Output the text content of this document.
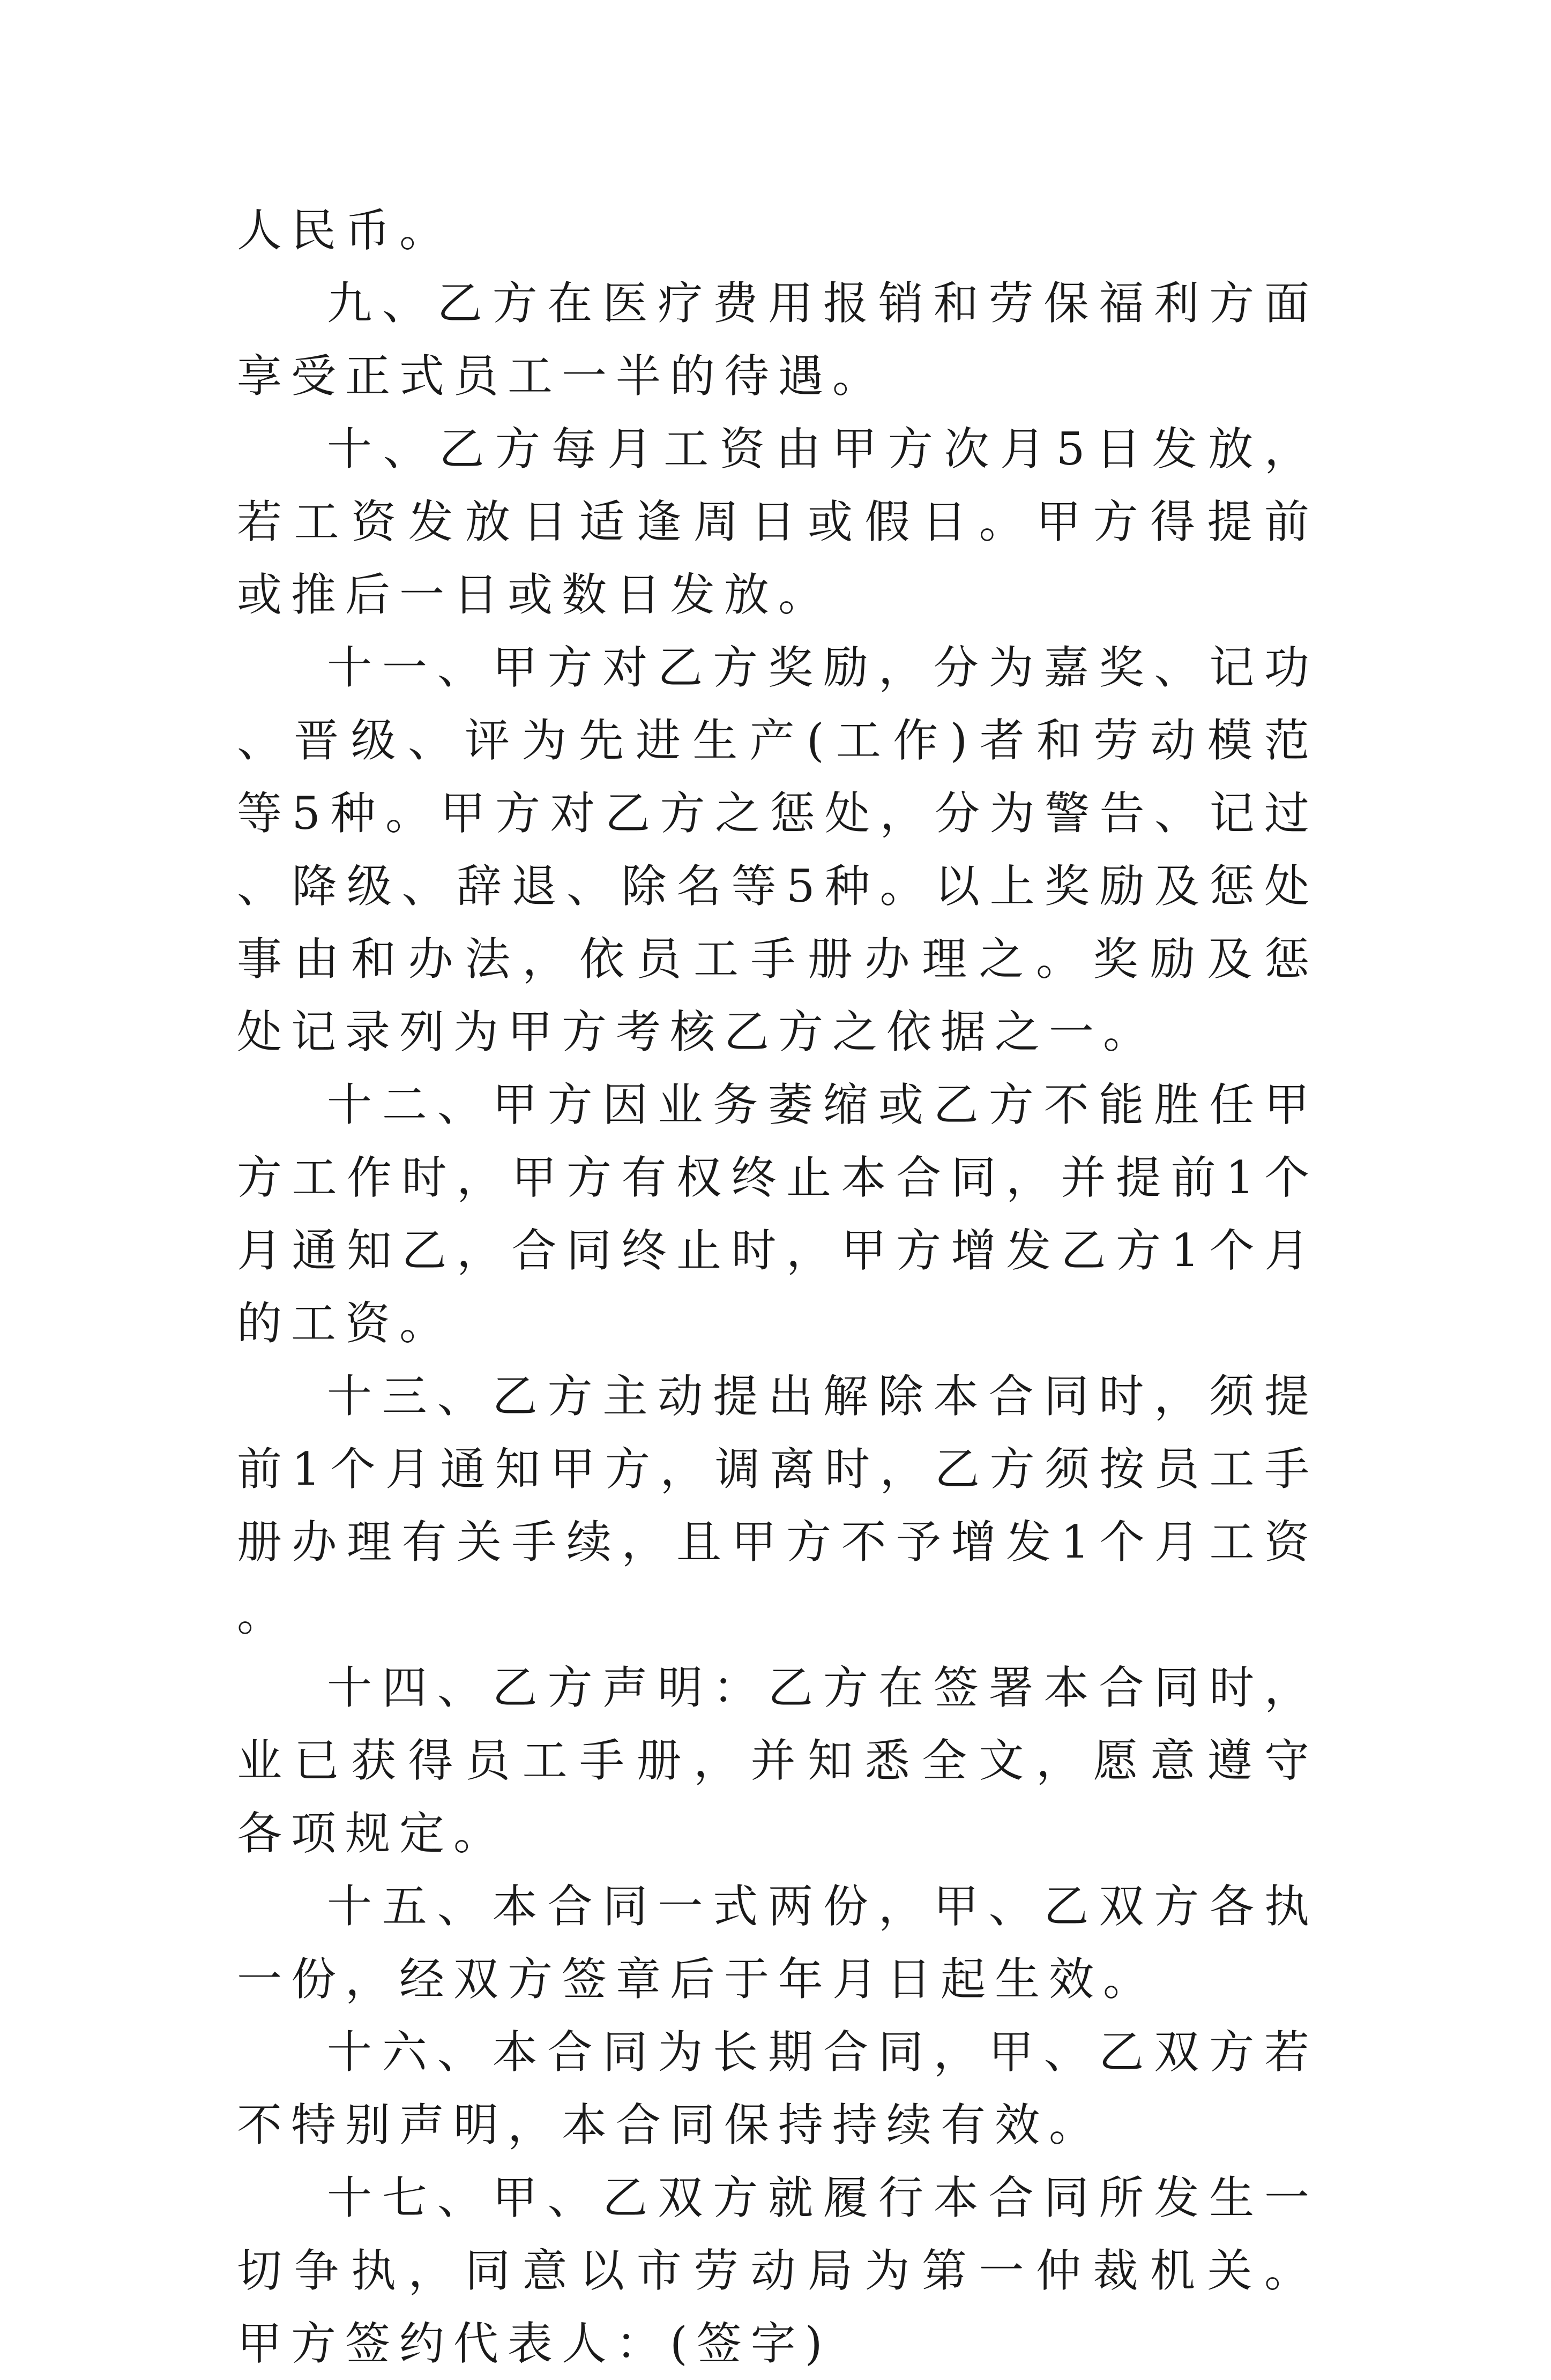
人民币。

九、乙方在医疗费用报销和劳保福利方面享受正式员工一半的待遇。

十、乙方每月工资由甲方次月5日发放，若工资发放日适逢周日或假日。甲方得提前或推后一日或数日发放。

十一、甲方对乙方奖励，分为嘉奖、记功、晋级、评为先进生产(工作)者和劳动模范等5种。甲方对乙方之惩处，分为警告、记过、降级、辞退、除名等5种。以上奖励及惩处事由和办法，依员工手册办理之。奖励及惩处记录列为甲方考核乙方之依据之一。

十二、甲方因业务萎缩或乙方不能胜任甲方工作时，甲方有权终止本合同，并提前1个月通知乙，合同终止时，甲方增发乙方1个月的工资。

十三、乙方主动提出解除本合同时，须提前1个月通知甲方，调离时，乙方须按员工手册办理有关手续，且甲方不予增发1个月工资。

十四、乙方声明：乙方在签署本合同时，业已获得员工手册，并知悉全文，愿意遵守各项规定。

十五、本合同一式两份，甲、乙双方各执一份，经双方签章后于年月日起生效。

十六、本合同为长期合同，甲、乙双方若不特别声明，本合同保持持续有效。

十七、甲、乙双方就履行本合同所发生一切争执，同意以市劳动局为第一仲裁机关。 甲方签约代表人：(签字)
